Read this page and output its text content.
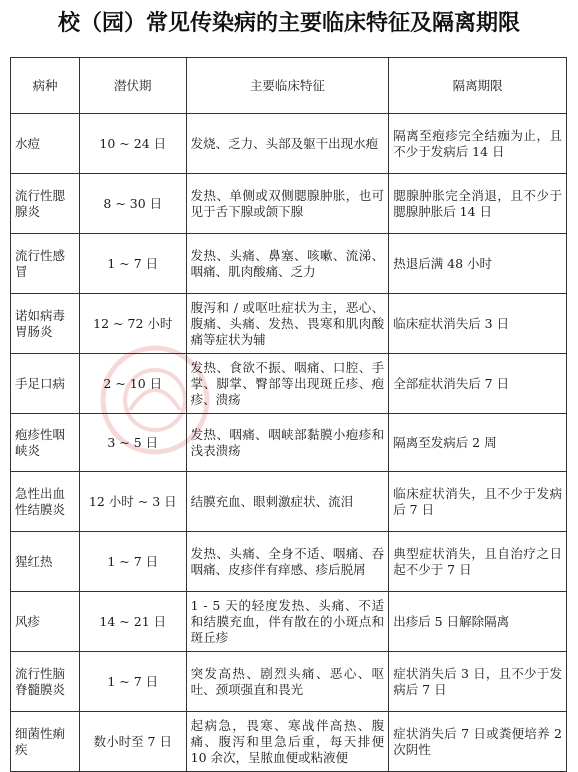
校（园）常见传染病的主要临床特征及隔离期限
病种	潜伏期	主要临床特征	隔离期限
水痘	10 ~ 24 日	发烧、乏力、头部及躯干出现水疱	隔离至疱疹完全结痂为止，且不少于发病后 14 日
流行性腮腺炎	8 ~ 30 日	发热、单侧或双侧腮腺肿胀，也可见于舌下腺或颌下腺	腮腺肿胀完全消退，且不少于腮腺肿胀后 14 日
流行性感冒	1 ~ 7 日	发热、头痛、鼻塞、咳嗽、流涕、咽痛、肌肉酸痛、乏力	热退后满 48 小时
诺如病毒胃肠炎	12 ~ 72 小时	腹泻和 / 或呕吐症状为主，恶心、腹痛、头痛、发热、畏寒和肌肉酸痛等症状为辅	临床症状消失后 3 日
手足口病	2 ~ 10 日	发热、食欲不振、咽痛、口腔、手掌、脚掌、臀部等出现斑丘疹、疱疹、溃疡	全部症状消失后 7 日
疱疹性咽峡炎	3 ~ 5 日	发热、咽痛、咽峡部黏膜小疱疹和浅表溃疡	隔离至发病后 2 周
急性出血性结膜炎	12 小时 ~ 3 日	结膜充血、眼刺激症状、流泪	临床症状消失，且不少于发病后 7 日
猩红热	1 ~ 7 日	发热、头痛、全身不适、咽痛、吞咽痛、皮疹伴有痒感、疹后脱屑	典型症状消失，且自治疗之日起不少于 7 日
风疹	14 ~ 21 日	1 - 5 天的轻度发热、头痛、不适和结膜充血，伴有散在的小斑点和斑丘疹	出疹后 5 日解除隔离
流行性脑脊髓膜炎	1 ~ 7 日	突发高热、剧烈头痛、恶心、呕吐、颈项强直和畏光	症状消失后 3 日，且不少于发病后 7 日
细菌性痢疾	数小时至 7 日	起病急，畏寒、寒战伴高热、腹痛、腹泻和里急后重，每天排便 10 余次，呈脓血便或粘液便	症状消失后 7 日或粪便培养 2 次阴性
